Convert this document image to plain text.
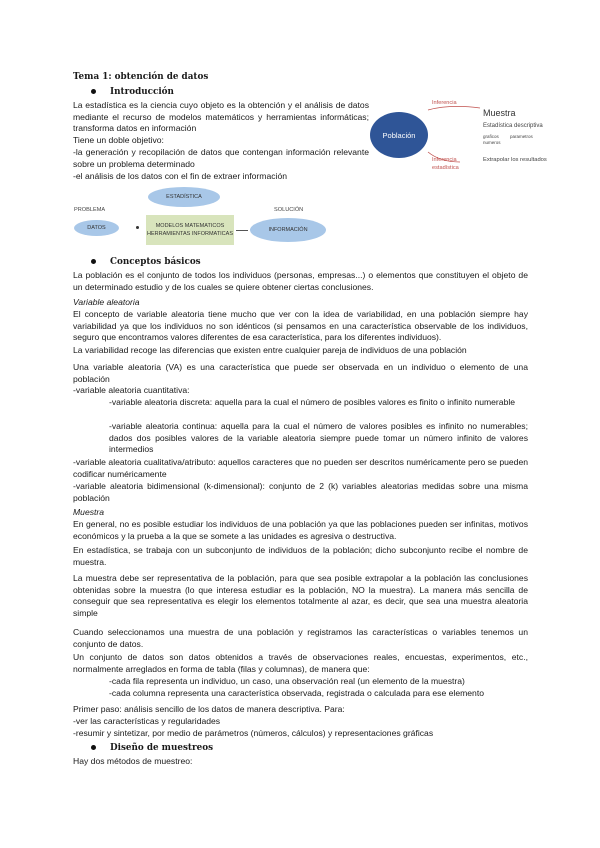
Tema 1: obtención de datos
Introducción
La estadística es la ciencia cuyo objeto es la obtención y el análisis de datos mediante el recurso de modelos matemáticos y herramientas informáticas; transforma datos en información
Tiene un doble objetivo:
-la generación y recopilación de datos que contengan información relevante sobre un problema determinado
-el análisis de los datos con el fin de extraer información
Población
Inferencia
Muestra
Estadística descriptiva
graficos
numeros
parametros
Inferencia estadística
Extrapolar los resultados
ESTADÍSTICA
PROBLEMA
DATOS	MODELOS MATEMATICOS
HERRAMIENTAS INFORMATICAS
SOLUCIÓN
INFORMACIÓN
Conceptos básicos
La población es el conjunto de todos los individuos (personas, empresas...) o elementos que constituyen el objeto de un determinado estudio y de los cuales se quiere obtener ciertas conclusiones.
Variable aleatoria
El concepto de variable aleatoria tiene mucho que ver con la idea de variabilidad, en una población siempre hay variabilidad ya que los individuos no son idénticos (si pensamos en una característica observable de los individuos, seguro que encontramos valores diferentes de esa característica, para los diferentes individuos).
La variabilidad recoge las diferencias que existen entre cualquier pareja de individuos de una población
Una variable aleatoria (VA) es una característica que puede ser observada en un individuo o elemento de una población
-variable aleatoria cuantitativa:
-variable aleatoria discreta: aquella para la cual el número de posibles valores es finito o infinito numerable
-variable aleatoria continua: aquella para la cual el número de valores posibles es infinito no numerables; dados dos posibles valores de la variable aleatoria siempre puede tomar un número infinito de valores intermedios
-variable aleatoria cualitativa/atributo: aquellos caracteres que no pueden ser descritos numéricamente pero se pueden codificar numéricamente
-variable aleatoria bidimensional (k-dimensional): conjunto de 2 (k) variables aleatorias medidas sobre una misma población
Muestra
En general, no es posible estudiar los individuos de una población ya que las poblaciones pueden ser infinitas, motivos económicos y la prueba a la que se somete a las unidades es agresiva o destructiva.
En estadística, se trabaja con un subconjunto de individuos de la población; dicho subconjunto recibe el nombre de muestra.
La muestra debe ser representativa de la población, para que sea posible extrapolar a la población las conclusiones obtenidas sobre la muestra (lo que interesa estudiar es la población, NO la muestra). La manera más sencilla de conseguir que sea representativa es elegir los elementos totalmente al azar, es decir, que sea una muestra aleatoria simple
Cuando seleccionamos una muestra de una población y registramos las características o variables tenemos un conjunto de datos.
Un conjunto de datos son datos obtenidos a través de observaciones reales, encuestas, experimentos, etc., normalmente arreglados en forma de tabla (filas y columnas), de manera que:
-cada fila representa un individuo, un caso, una observación real (un elemento de la muestra)
-cada columna representa una característica observada, registrada o calculada para ese elemento
Primer paso: análisis sencillo de los datos de manera descriptiva. Para:
-ver las características y regularidades
-resumir y sintetizar, por medio de parámetros (números, cálculos) y representaciones gráficas
Diseño de muestreos
Hay dos métodos de muestreo:
